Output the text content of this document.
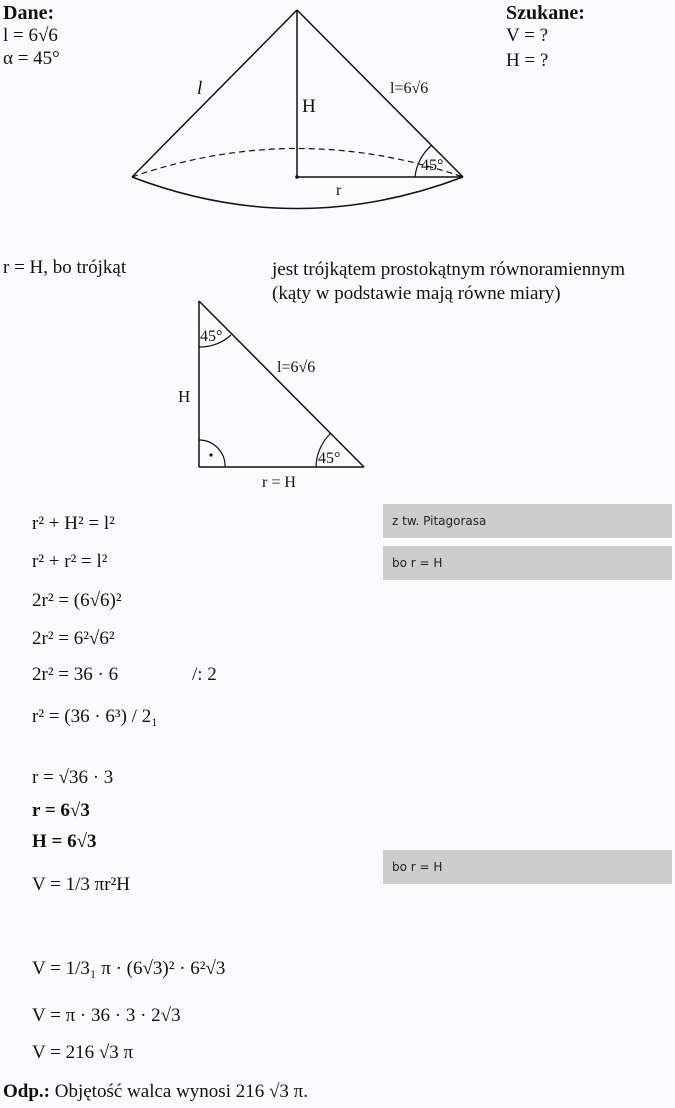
Dane:
l = 6√6
α = 45°
Szukane:
V = ?
H = ?
l
H
l=6√6
45°
r
r = H, bo trójkąt	jest trójkątem prostokątnym równoramiennym
(kąty w podstawie mają równe miary)
45°
l=6√6
H
45°
r = H
r² + H² = l²
r² + r² = l²
2r² = (6√6)²
2r² = 6²√6²
2r² = 36 · 6	/: 2
r² = (36 · 6³) / 2₁
r = √36 · 3
r = 6√3
H = 6√3
V = 1/3 πr²H
V = 1/3₁ π · (6√3)² · 6²√3
V = π · 36 · 3 · 2√3
V = 216 √3 π
z tw. Pitagorasa
bo r = H
bo r = H
Odp.: Objętość walca wynosi 216 √3 π.
